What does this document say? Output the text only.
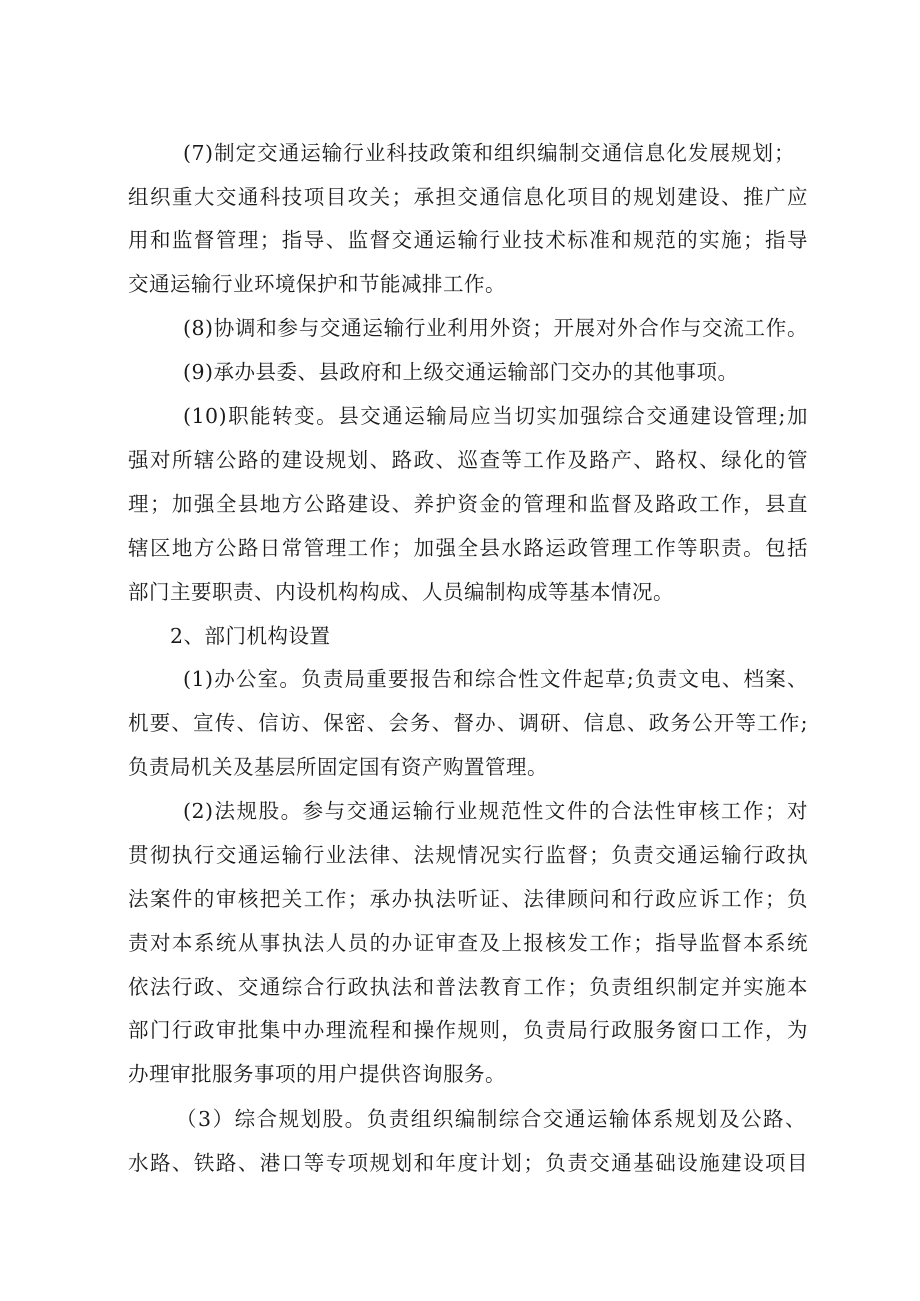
(7)制定交通运输行业科技政策和组织编制交通信息化发展规划；
组织重大交通科技项目攻关；承担交通信息化项目的规划建设、推广应
用和监督管理；指导、监督交通运输行业技术标准和规范的实施；指导
交通运输行业环境保护和节能减排工作。
(8)协调和参与交通运输行业利用外资；开展对外合作与交流工作。
(9)承办县委、县政府和上级交通运输部门交办的其他事项。
(10)职能转变。县交通运输局应当切实加强综合交通建设管理;加
强对所辖公路的建设规划、路政、巡查等工作及路产、路权、绿化的管
理；加强全县地方公路建设、养护资金的管理和监督及路政工作，县直
辖区地方公路日常管理工作；加强全县水路运政管理工作等职责。包括
部门主要职责、内设机构构成、人员编制构成等基本情况。
2、部门机构设置
(1)办公室。负责局重要报告和综合性文件起草;负责文电、档案、
机要、宣传、信访、保密、会务、督办、调研、信息、政务公开等工作;
负责局机关及基层所固定国有资产购置管理。
(2)法规股。参与交通运输行业规范性文件的合法性审核工作；对
贯彻执行交通运输行业法律、法规情况实行监督；负责交通运输行政执
法案件的审核把关工作；承办执法听证、法律顾问和行政应诉工作；负
责对本系统从事执法人员的办证审查及上报核发工作；指导监督本系统
依法行政、交通综合行政执法和普法教育工作；负责组织制定并实施本
部门行政审批集中办理流程和操作规则，负责局行政服务窗口工作，为
办理审批服务事项的用户提供咨询服务。
（3）综合规划股。负责组织编制综合交通运输体系规划及公路、
水路、铁路、港口等专项规划和年度计划；负责交通基础设施建设项目
